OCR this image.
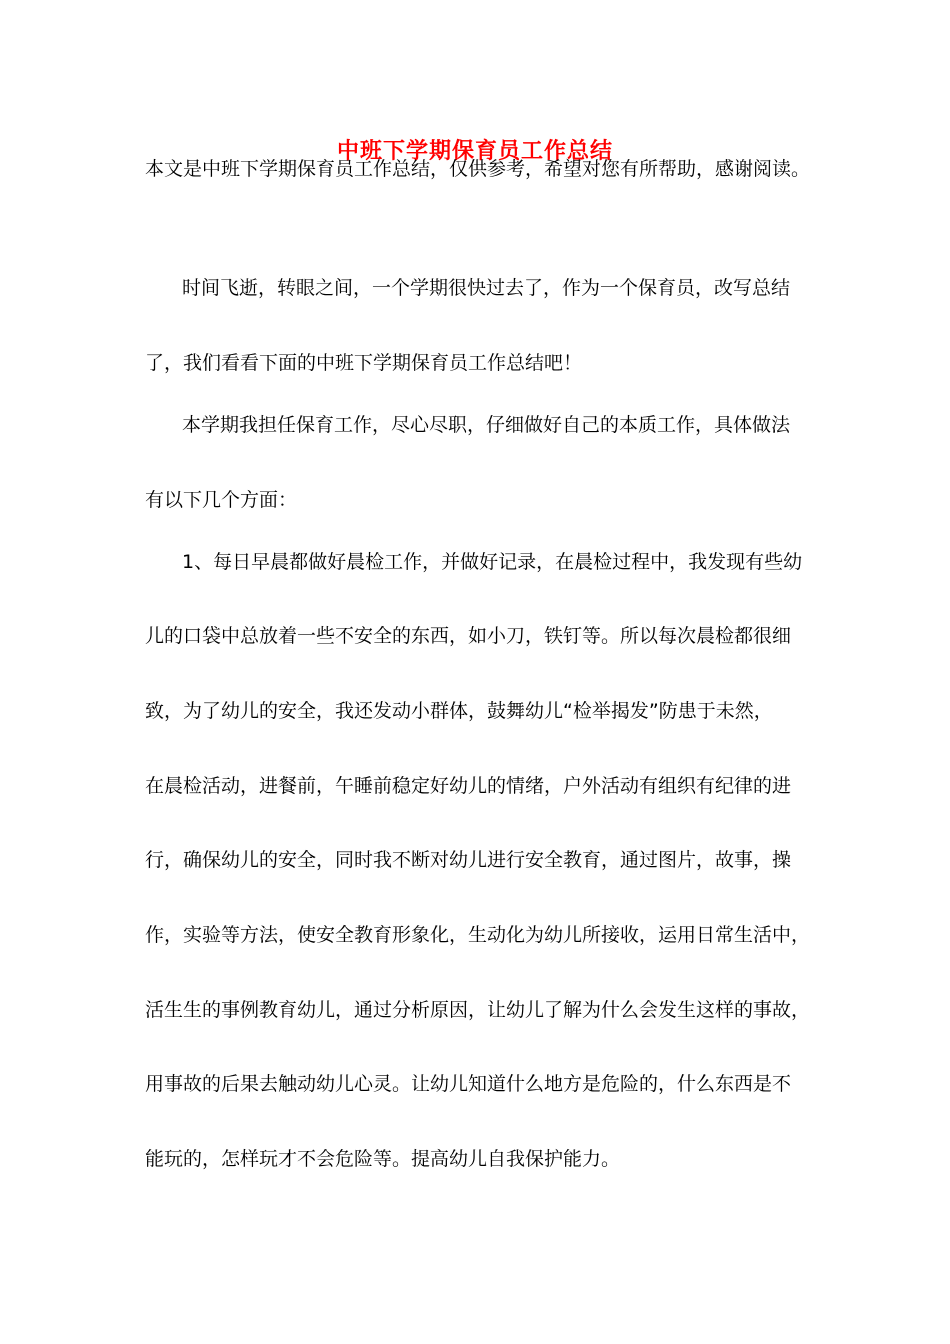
中班下学期保育员工作总结
本文是中班下学期保育员工作总结，仅供参考，希望对您有所帮助，感谢阅读。
时间飞逝，转眼之间，一个学期很快过去了，作为一个保育员，改写总结
了，我们看看下面的中班下学期保育员工作总结吧！
本学期我担任保育工作，尽心尽职，仔细做好自己的本质工作，具体做法
有以下几个方面：
1、每日早晨都做好晨检工作，并做好记录，在晨检过程中，我发现有些幼
儿的口袋中总放着一些不安全的东西，如小刀，铁钉等。所以每次晨检都很细
致，为了幼儿的安全，我还发动小群体，鼓舞幼儿“检举揭发”防患于未然，
在晨检活动，进餐前，午睡前稳定好幼儿的情绪，户外活动有组织有纪律的进
行，确保幼儿的安全，同时我不断对幼儿进行安全教育，通过图片，故事，操
作，实验等方法，使安全教育形象化，生动化为幼儿所接收，运用日常生活中，
活生生的事例教育幼儿，通过分析原因，让幼儿了解为什么会发生这样的事故，
用事故的后果去触动幼儿心灵。让幼儿知道什么地方是危险的，什么东西是不
能玩的，怎样玩才不会危险等。提高幼儿自我保护能力。
